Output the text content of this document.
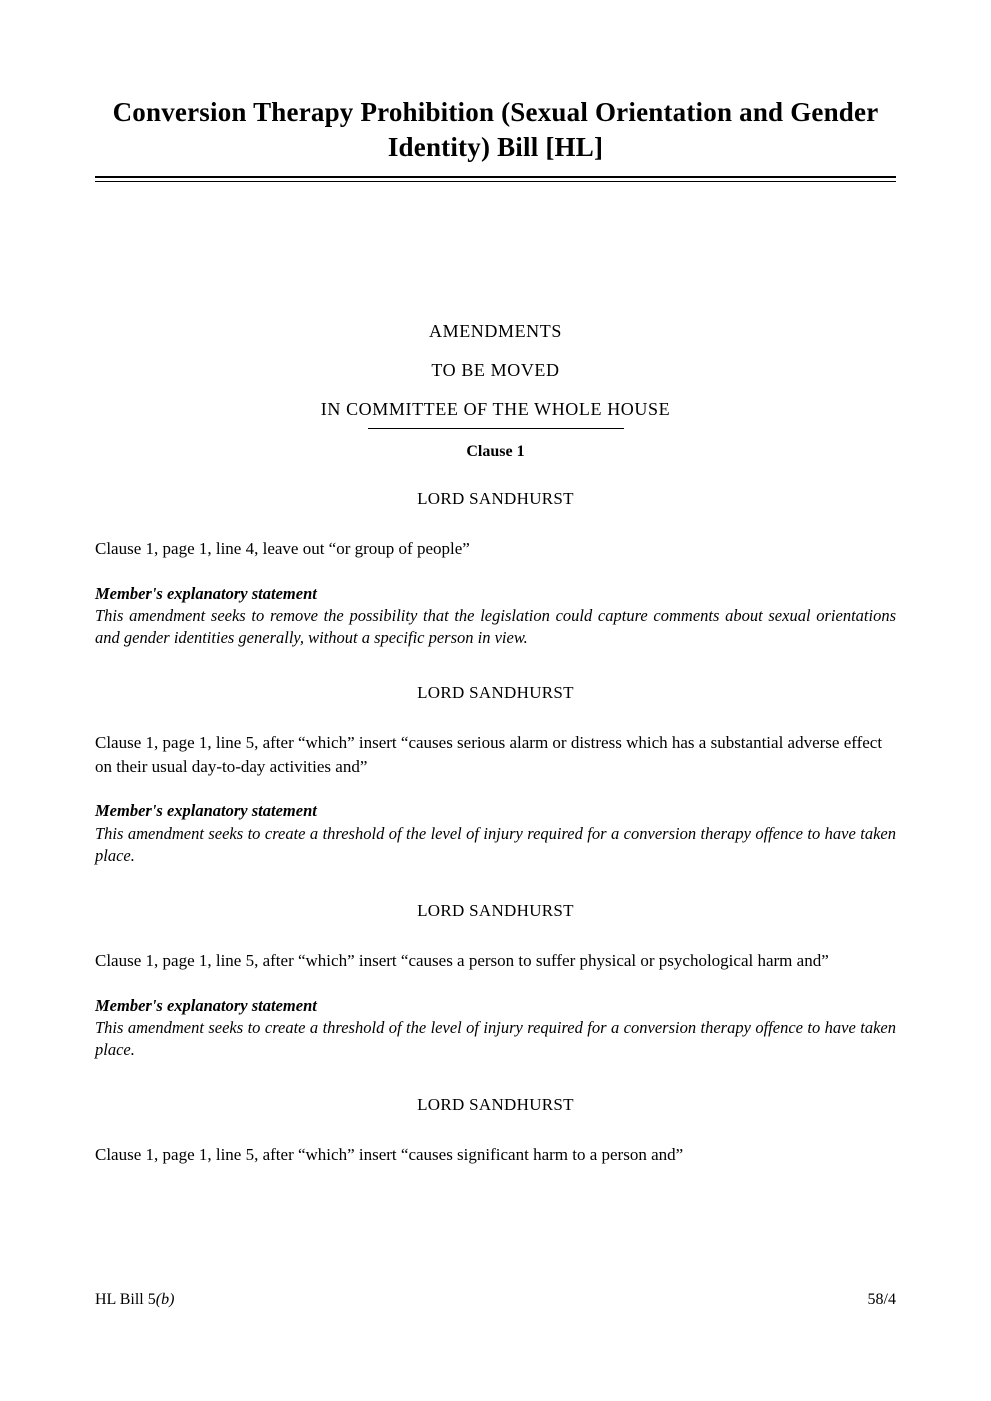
Conversion Therapy Prohibition (Sexual Orientation and Gender Identity) Bill [HL]
AMENDMENTS
TO BE MOVED
IN COMMITTEE OF THE WHOLE HOUSE
Clause 1
LORD SANDHURST
Clause 1, page 1, line 4, leave out “or group of people”
Member's explanatory statement
This amendment seeks to remove the possibility that the legislation could capture comments about sexual orientations and gender identities generally, without a specific person in view.
LORD SANDHURST
Clause 1, page 1, line 5, after “which” insert “causes serious alarm or distress which has a substantial adverse effect on their usual day-to-day activities and”
Member's explanatory statement
This amendment seeks to create a threshold of the level of injury required for a conversion therapy offence to have taken place.
LORD SANDHURST
Clause 1, page 1, line 5, after “which” insert “causes a person to suffer physical or psychological harm and”
Member's explanatory statement
This amendment seeks to create a threshold of the level of injury required for a conversion therapy offence to have taken place.
LORD SANDHURST
Clause 1, page 1, line 5, after “which” insert “causes significant harm to a person and”
HL Bill 5(b)	58/4
